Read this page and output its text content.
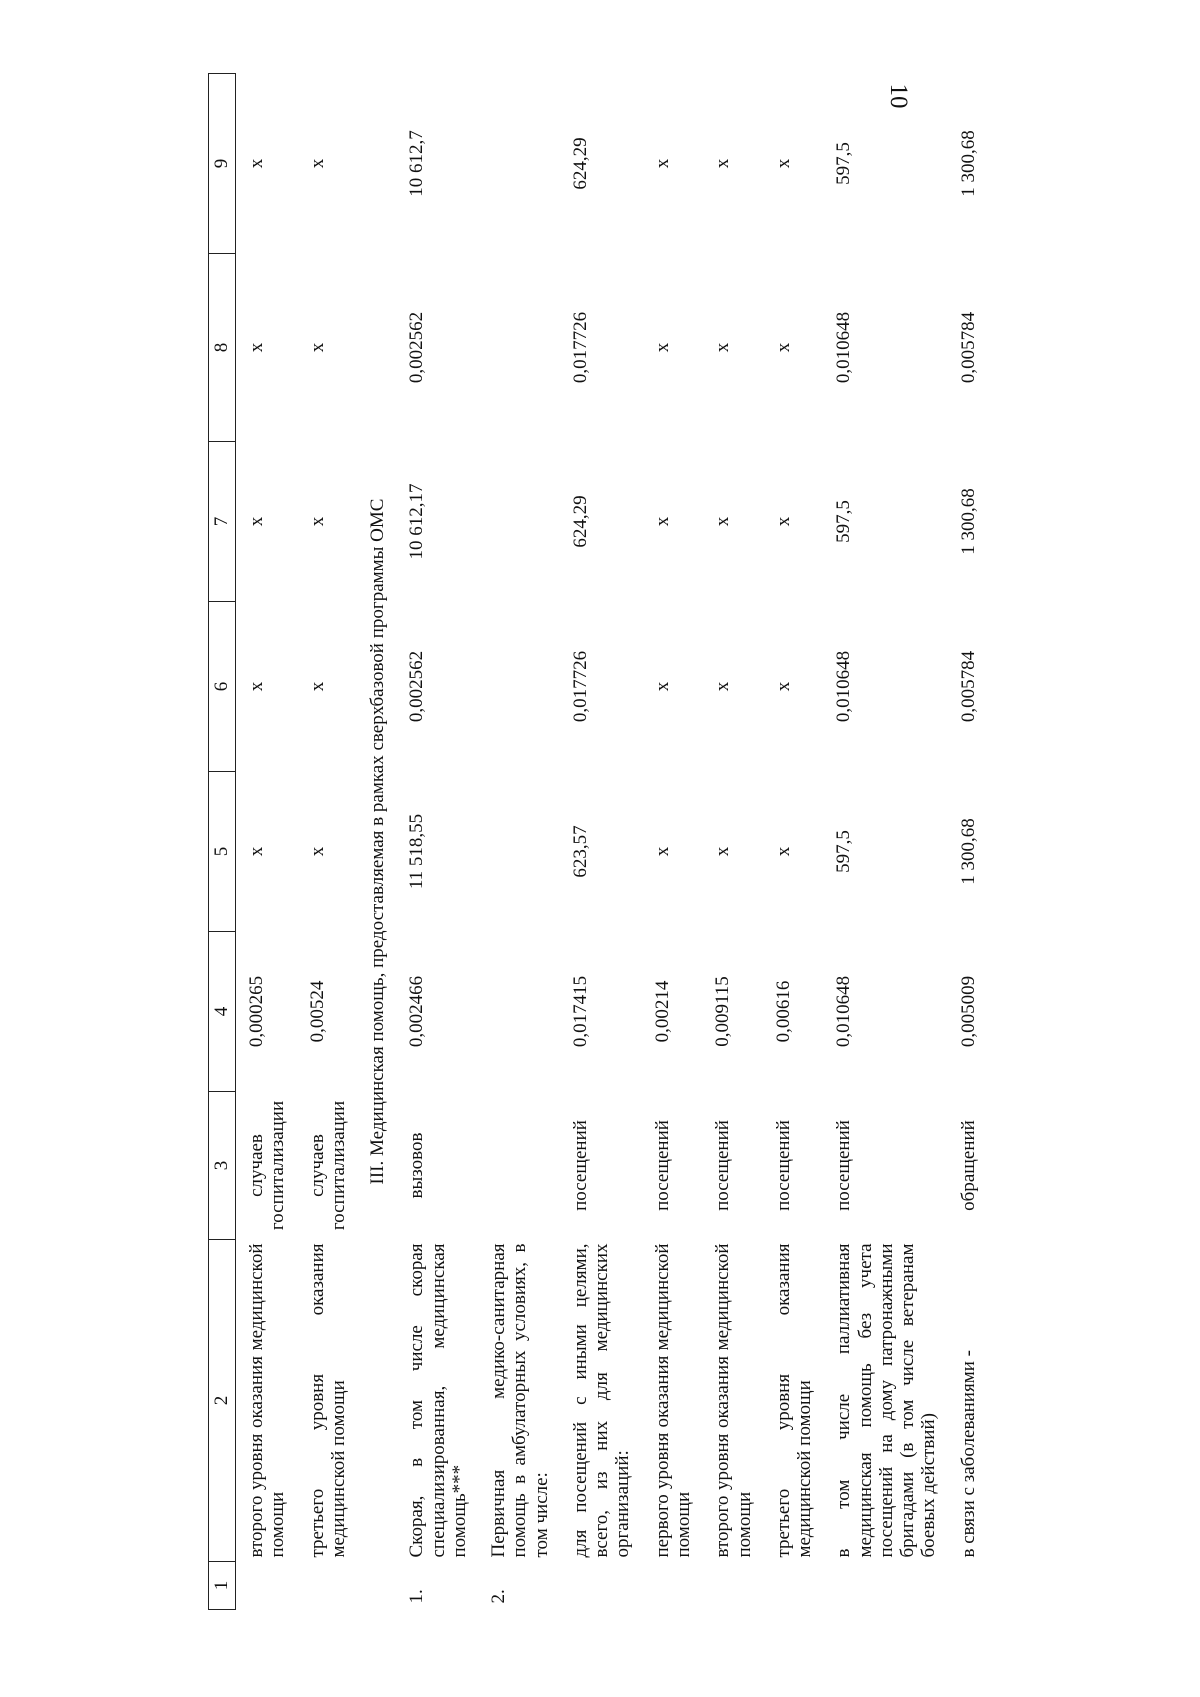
10
1	2	3	4	5	6	7	8	9
	второго уровня оказания медицинской помощи	случаев госпитализации	0,000265	х	х	х	х	х
	третьего уровня оказания медицинской помощи	случаев госпитализации	0,00524	х	х	х	х	х
III. Медицинская помощь, предоставляемая в рамках сверхбазовой программы ОМС								
1.	Скорая, в том числе скорая специализированная, медицинская помощь***	вызовов	0,002466	11 518,55	0,002562	10 612,17	0,002562	10 612,7
2.	Первичная медико-санитарная помощь в амбулаторных условиях, в том числе:							
	для посещений с иными целями, всего, из них для медицинских организаций:	посещений	0,017415	623,57	0,017726	624,29	0,017726	624,29
	первого уровня оказания медицинской помощи	посещений	0,00214	х	х	х	х	х
	второго уровня оказания медицинской помощи	посещений	0,009115	х	х	х	х	х
	третьего уровня оказания медицинской помощи	посещений	0,00616	х	х	х	х	х
	в том числе паллиативная медицинская помощь без учета посещений на дому патронажными бригадами (в том числе ветеранам боевых действий)	посещений	0,010648	597,5	0,010648	597,5	0,010648	597,5
	в связи с заболеваниями -	обращений	0,005009	1 300,68	0,005784	1 300,68	0,005784	1 300,68
